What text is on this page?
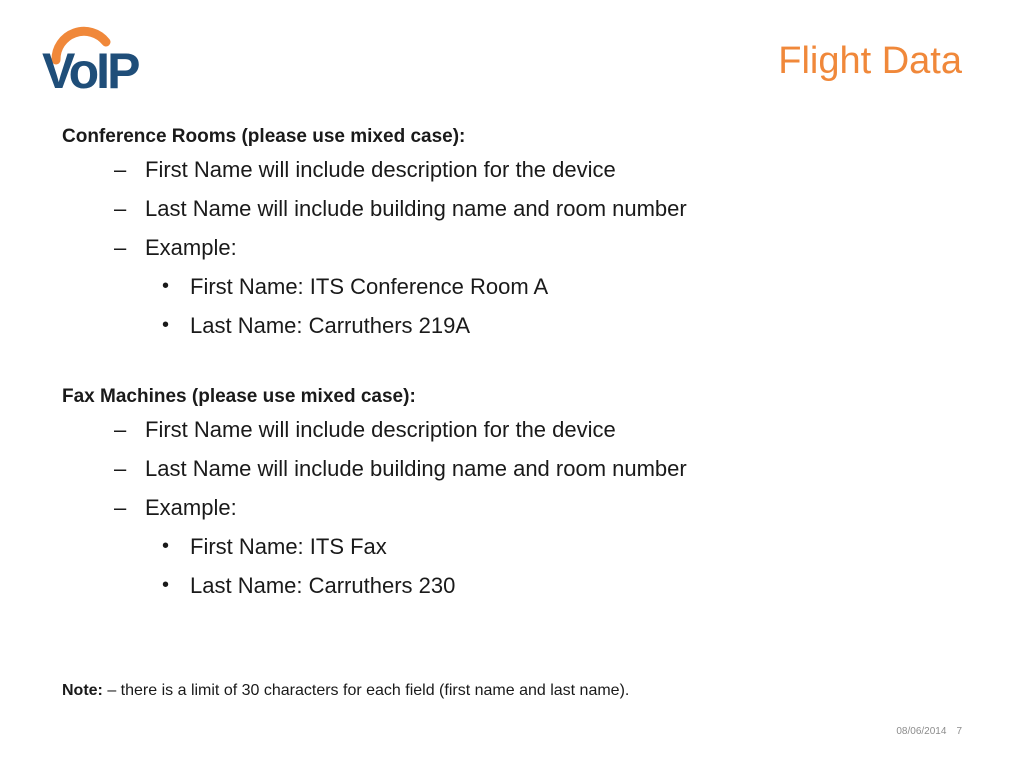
VoIP	Flight Data

Conference Rooms (please use mixed case):

– First Name will include description for the device
– Last Name will include building name and room number
– Example:
• First Name: ITS Conference Room A
• Last Name: Carruthers 219A

Fax Machines (please use mixed case):

– First Name will include description for the device
– Last Name will include building name and room number
– Example:
• First Name: ITS Fax
• Last Name: Carruthers 230
Note: – there is a limit of 30 characters for each field (first name and last name).
08/06/2014 7
